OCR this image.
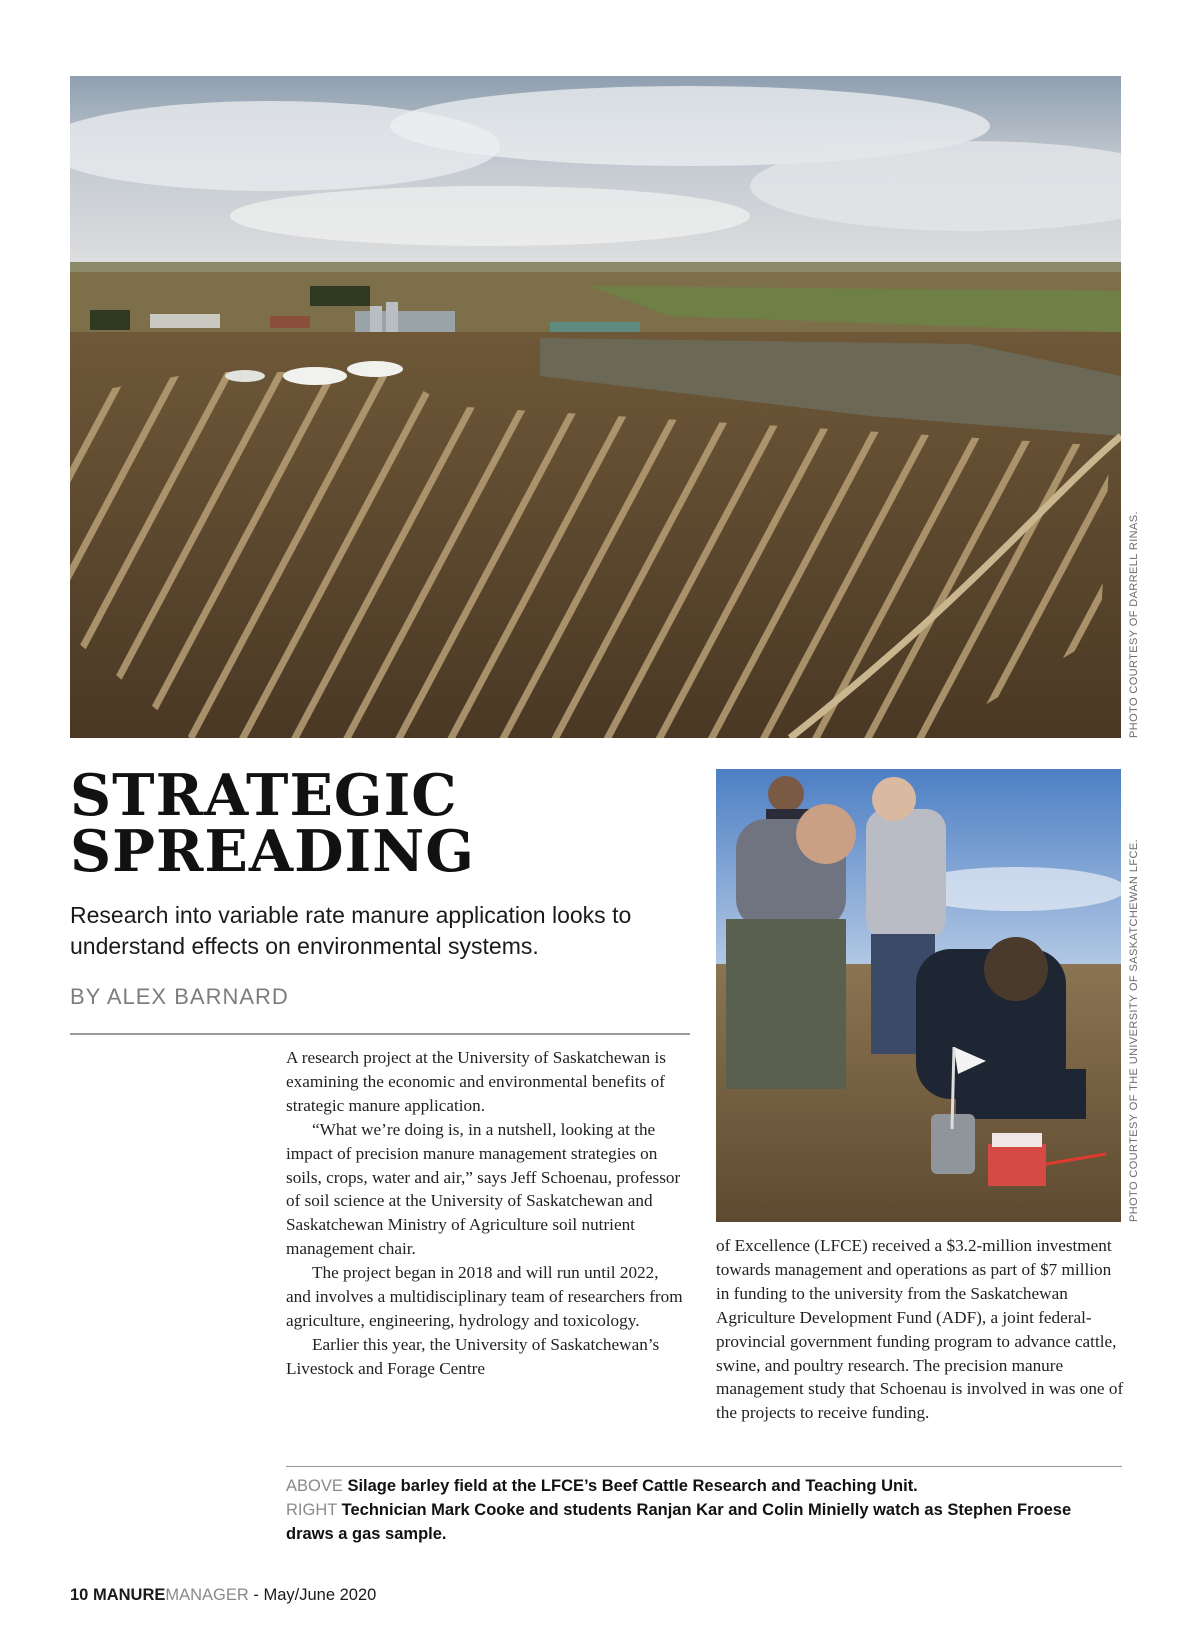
PHOTO COURTESY OF DARRELL RINAS.
STRATEGIC
SPREADING
Research into variable rate manure application looks to
understand effects on environmental systems.
BY ALEX BARNARD

A research project at the University of Saskatchewan is examining the economic and environmental benefits of strategic manure application.

“What we’re doing is, in a nutshell, looking at the impact of precision manure management strategies on soils, crops, water and air,” says Jeff Schoenau, professor of soil science at the University of Saskatchewan and Saskatchewan Ministry of Agriculture soil nutrient management chair.

The project began in 2018 and will run until 2022, and involves a multidisciplinary team of researchers from agriculture, engineering, hydrology and toxicology.

Earlier this year, the University of Saskatchewan’s Livestock and Forage Centre

PHOTO COURTESY OF THE UNIVERSITY OF SASKATCHEWAN LFCE.

of Excellence (LFCE) received a $3.2-million investment towards management and operations as part of $7 million in funding to the university from the Saskatchewan Agriculture Development Fund (ADF), a joint federal-provincial government funding program to advance cattle, swine, and poultry research. The precision manure management study that Schoenau is involved in was one of the projects to receive funding.

ABOVE Silage barley field at the LFCE’s Beef Cattle Research and Teaching Unit.
RIGHT Technician Mark Cooke and students Ranjan Kar and Colin Minielly watch as Stephen Froese draws a gas sample.
10 MANUREMANAGER - May/June 2020
